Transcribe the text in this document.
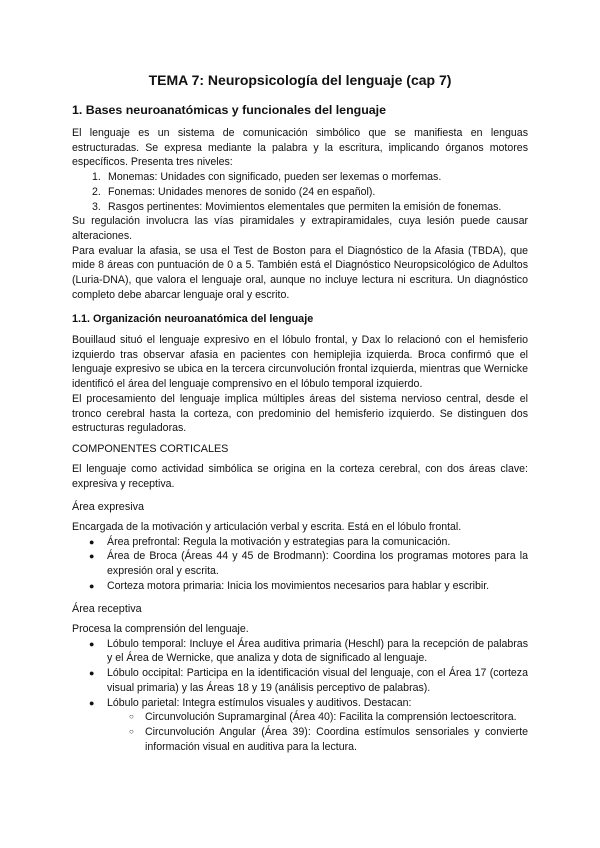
TEMA 7: Neuropsicología del lenguaje (cap 7)
1. Bases neuroanatómicas y funcionales del lenguaje

El lenguaje es un sistema de comunicación simbólico que se manifiesta en lenguas estructuradas. Se expresa mediante la palabra y la escritura, implicando órganos motores específicos. Presenta tres niveles:

1. Monemas: Unidades con significado, pueden ser lexemas o morfemas.
2. Fonemas: Unidades menores de sonido (24 en español).
3. Rasgos pertinentes: Movimientos elementales que permiten la emisión de fonemas.

Su regulación involucra las vías piramidales y extrapiramidales, cuya lesión puede causar alteraciones.

Para evaluar la afasia, se usa el Test de Boston para el Diagnóstico de la Afasia (TBDA), que mide 8 áreas con puntuación de 0 a 5. También está el Diagnóstico Neuropsicológico de Adultos (Luria-DNA), que valora el lenguaje oral, aunque no incluye lectura ni escritura. Un diagnóstico completo debe abarcar lenguaje oral y escrito.

1.1. Organización neuroanatómica del lenguaje

Bouillaud situó el lenguaje expresivo en el lóbulo frontal, y Dax lo relacionó con el hemisferio izquierdo tras observar afasia en pacientes con hemiplejia izquierda. Broca confirmó que el lenguaje expresivo se ubica en la tercera circunvolución frontal izquierda, mientras que Wernicke identificó el área del lenguaje comprensivo en el lóbulo temporal izquierdo.

El procesamiento del lenguaje implica múltiples áreas del sistema nervioso central, desde el tronco cerebral hasta la corteza, con predominio del hemisferio izquierdo. Se distinguen dos estructuras reguladoras.

COMPONENTES CORTICALES

El lenguaje como actividad simbólica se origina en la corteza cerebral, con dos áreas clave: expresiva y receptiva.

Área expresiva

Encargada de la motivación y articulación verbal y escrita. Está en el lóbulo frontal.

● Área prefrontal: Regula la motivación y estrategias para la comunicación.
● Área de Broca (Áreas 44 y 45 de Brodmann): Coordina los programas motores para la expresión oral y escrita.
● Corteza motora primaria: Inicia los movimientos necesarios para hablar y escribir.
Área receptiva

Procesa la comprensión del lenguaje.

● Lóbulo temporal: Incluye el Área auditiva primaria (Heschl) para la recepción de palabras y el Área de Wernicke, que analiza y dota de significado al lenguaje.
● Lóbulo occipital: Participa en la identificación visual del lenguaje, con el Área 17 (corteza visual primaria) y las Áreas 18 y 19 (análisis perceptivo de palabras).
● Lóbulo parietal: Integra estímulos visuales y auditivos. Destacan:
○ Circunvolución Supramarginal (Área 40): Facilita la comprensión lectoescritora.
○ Circunvolución Angular (Área 39): Coordina estímulos sensoriales y convierte información visual en auditiva para la lectura.
